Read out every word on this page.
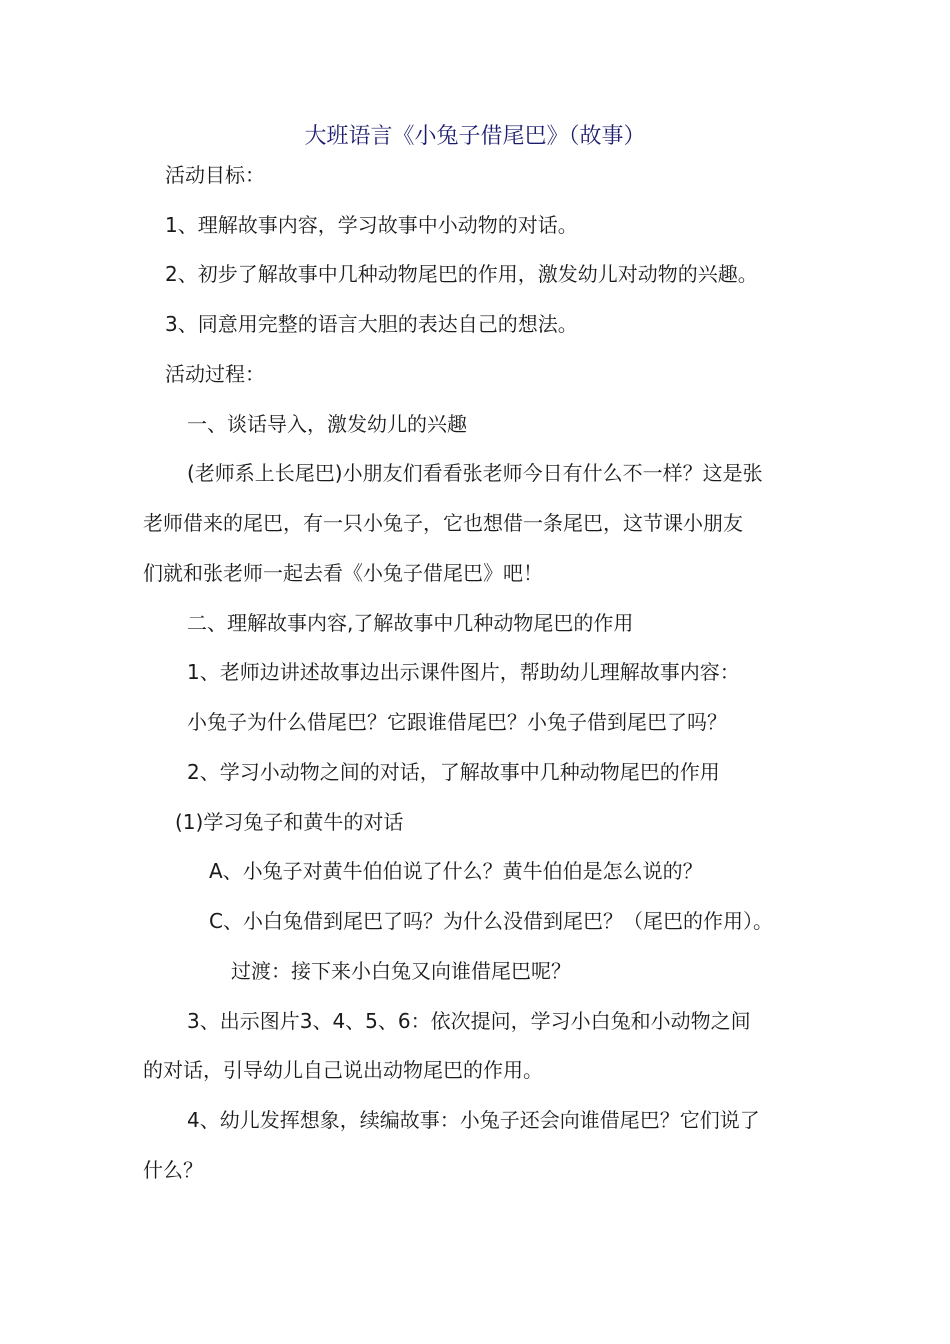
大班语言《小兔子借尾巴》（故事）
活动目标：
1、理解故事内容，学习故事中小动物的对话。
2、初步了解故事中几种动物尾巴的作用，激发幼儿对动物的兴趣。
3、同意用完整的语言大胆的表达自己的想法。
活动过程：
一、谈话导入，激发幼儿的兴趣
(老师系上长尾巴)小朋友们看看张老师今日有什么不一样？这是张
老师借来的尾巴，有一只小兔子，它也想借一条尾巴，这节课小朋友
们就和张老师一起去看《小兔子借尾巴》吧！
二、理解故事内容,了解故事中几种动物尾巴的作用
1、老师边讲述故事边出示课件图片，帮助幼儿理解故事内容：
小兔子为什么借尾巴？它跟谁借尾巴？小兔子借到尾巴了吗？
2、学习小动物之间的对话，了解故事中几种动物尾巴的作用
(1)学习兔子和黄牛的对话
A、小兔子对黄牛伯伯说了什么？黄牛伯伯是怎么说的？
C、小白兔借到尾巴了吗？为什么没借到尾巴？（尾巴的作用）。
过渡：接下来小白兔又向谁借尾巴呢？
3、出示图片3、4、5、6：依次提问，学习小白兔和小动物之间
的对话，引导幼儿自己说出动物尾巴的作用。
4、幼儿发挥想象，续编故事：小兔子还会向谁借尾巴？它们说了
什么？
